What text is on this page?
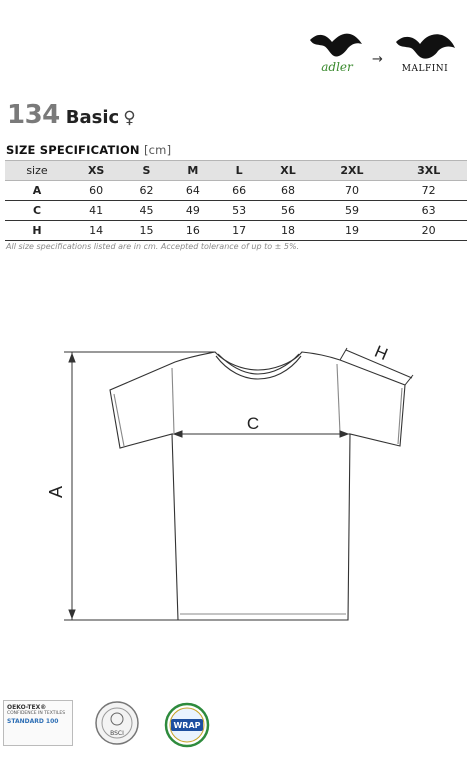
adler	→
MALFINI
134 Basic ♀
SIZE SPECIFICATION [cm]
size	XS	S	M	L	XL	2XL	3XL
A	60	62	64	66	68	70	72
C	41	45	49	53	56	59	63
H	14	15	16	17	18	19	20
All size specifications listed are in cm. Accepted tolerance of up to ± 5%.
A
C
H
OEKO-TEX®
CONFIDENCE IN TEXTILES
STANDARD 100
BSCI
WRAP
